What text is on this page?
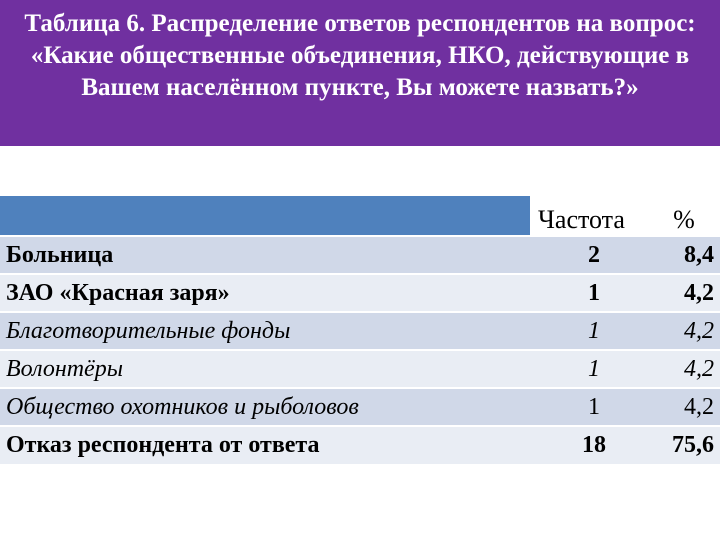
Таблица 6. Распределение ответов респондентов на вопрос: «Какие общественные объединения, НКО, действующие в Вашем населённом пункте, Вы можете назвать?»
	Частота	%
Больница	2	8,4
ЗАО «Красная заря»	1	4,2
Благотворительные фонды	1	4,2
Волонтёры	1	4,2
Общество охотников и рыболовов	1	4,2
Отказ респондента от ответа	18	75,6
